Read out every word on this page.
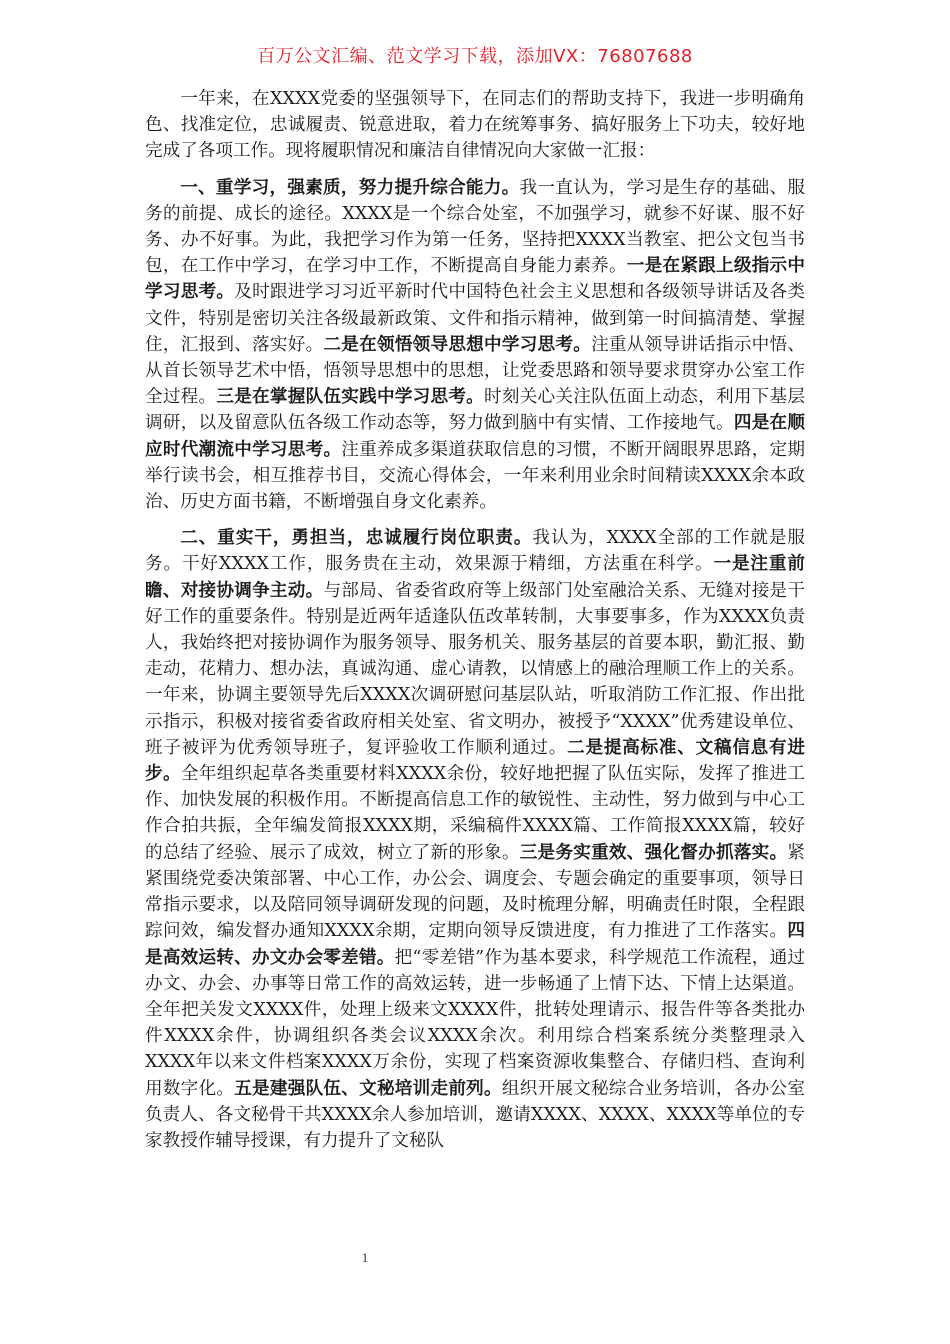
百万公文汇编、范文学习下载，添加VX：76807688

一年来，在XXXX党委的坚强领导下，在同志们的帮助支持下，我进一步明确角色、找准定位，忠诚履责、锐意进取，着力在统筹事务、搞好服务上下功夫，较好地完成了各项工作。现将履职情况和廉洁自律情况向大家做一汇报：

一、重学习，强素质，努力提升综合能力。我一直认为，学习是生存的基础、服务的前提、成长的途径。XXXX是一个综合处室，不加强学习，就参不好谋、服不好务、办不好事。为此，我把学习作为第一任务，坚持把XXXX当教室、把公文包当书包，在工作中学习，在学习中工作，不断提高自身能力素养。一是在紧跟上级指示中学习思考。及时跟进学习习近平新时代中国特色社会主义思想和各级领导讲话及各类文件，特别是密切关注各级最新政策、文件和指示精神，做到第一时间搞清楚、掌握住，汇报到、落实好。二是在领悟领导思想中学习思考。注重从领导讲话指示中悟、从首长领导艺术中悟，悟领导思想中的思想，让党委思路和领导要求贯穿办公室工作全过程。三是在掌握队伍实践中学习思考。时刻关心关注队伍面上动态，利用下基层调研，以及留意队伍各级工作动态等，努力做到脑中有实情、工作接地气。四是在顺应时代潮流中学习思考。注重养成多渠道获取信息的习惯，不断开阔眼界思路，定期举行读书会，相互推荐书目，交流心得体会，一年来利用业余时间精读XXXX余本政治、历史方面书籍，不断增强自身文化素养。

二、重实干，勇担当，忠诚履行岗位职责。我认为，XXXX全部的工作就是服务。干好XXXX工作，服务贵在主动，效果源于精细，方法重在科学。一是注重前瞻、对接协调争主动。与部局、省委省政府等上级部门处室融洽关系、无缝对接是干好工作的重要条件。特别是近两年适逢队伍改革转制，大事要事多，作为XXXX负责人，我始终把对接协调作为服务领导、服务机关、服务基层的首要本职，勤汇报、勤走动，花精力、想办法，真诚沟通、虚心请教，以情感上的融洽理顺工作上的关系。一年来，协调主要领导先后XXXX次调研慰问基层队站，听取消防工作汇报、作出批示指示，积极对接省委省政府相关处室、省文明办，被授予“XXXX”优秀建设单位、班子被评为优秀领导班子，复评验收工作顺利通过。二是提高标准、文稿信息有进步。全年组织起草各类重要材料XXXX余份，较好地把握了队伍实际，发挥了推进工作、加快发展的积极作用。不断提高信息工作的敏锐性、主动性，努力做到与中心工作合拍共振，全年编发简报XXXX期，采编稿件XXXX篇、工作简报XXXX篇，较好的总结了经验、展示了成效，树立了新的形象。三是务实重效、强化督办抓落实。紧紧围绕党委决策部署、中心工作，办公会、调度会、专题会确定的重要事项，领导日常指示要求，以及陪同领导调研发现的问题，及时梳理分解，明确责任时限，全程跟踪问效，编发督办通知XXXX余期，定期向领导反馈进度，有力推进了工作落实。四是高效运转、办文办会零差错。把“零差错”作为基本要求，科学规范工作流程，通过办文、办会、办事等日常工作的高效运转，进一步畅通了上情下达、下情上达渠道。全年把关发文XXXX件，处理上级来文XXXX件，批转处理请示、报告件等各类批办件XXXX余件，协调组织各类会议XXXX余次。利用综合档案系统分类整理录入XXXX年以来文件档案XXXX万余份，实现了档案资源收集整合、存储归档、查询利用数字化。五是建强队伍、文秘培训走前列。组织开展文秘综合业务培训，各办公室负责人、各文秘骨干共XXXX余人参加培训，邀请XXXX、XXXX、XXXX等单位的专家教授作辅导授课，有力提升了文秘队

1
